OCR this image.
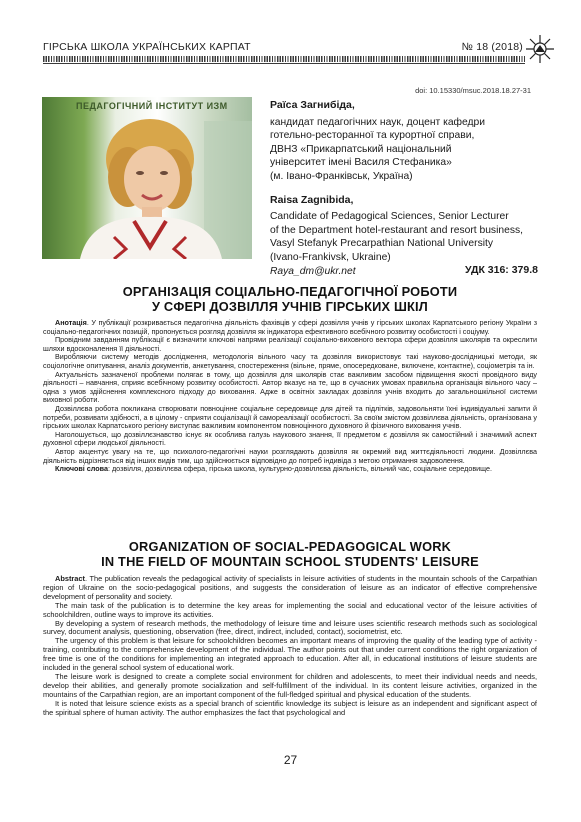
ГІРСЬКА ШКОЛА УКРАЇНСЬКИХ КАРПАТ	№ 18 (2018)
doi: 10.15330/msuc.2018.18.27-31
ПЕДАГОГІЧНИЙ ІНСТИТУТ ИЗМ	Раїса Загнибіда,
кандидат педагогічних наук, доцент кафедри
готельно-ресторанної та курортної справи,
ДВНЗ «Прикарпатський національний
університет імені Василя Стефаника»
(м. Івано-Франківськ, Україна)
Raisa Zagnibida,
Candidate of Pedagogical Sciences, Senior Lecturer
of the Department hotel-restaurant and resort business,
Vasyl Stefanyk Precarpathian National University
(Ivano-Frankivsk, Ukraine)
Raya_dm@ukr.net	УДК 316: 379.8
ОРГАНІЗАЦІЯ СОЦІАЛЬНО-ПЕДАГОГІЧНОЇ РОБОТИ
У СФЕРІ ДОЗВІЛЛЯ УЧНІВ ГІРСЬКИХ ШКІЛ

Анотація. У публікації розкривається педагогічна діяльність фахівців у сфері дозвілля учнів у гірських школах Карпатського регіону України з соціально-педагогічних позицій, пропонується розгляд дозвілля як індикатора ефективного всебічного розвитку особистості і соціуму.

Провідним завданням публікації є визначити ключові напрями реалізації соціально-виховного вектора сфери дозвілля школярів та окреслити шляхи вдосконалення її діяльності.

Виробляючи систему методів дослідження, методологія вільного часу та дозвілля використовує такі науково-дослідницькі методи, як соціологічне опитування, аналіз документів, анкетування, спостереження (вільне, пряме, опосередковане, включене, контактне), соціометрія та ін.

Актуальність зазначеної проблеми полягає в тому, що дозвілля для школярів стає важливим засобом підвищення якості провідного виду діяльності – навчання, сприяє всебічному розвитку особистості. Автор вказує на те, що в сучасних умовах правильна організація вільного часу – одна з умов здійснення комплексного підходу до виховання. Адже в освітніх закладах дозвілля учнів входить до загальношкільної системи виховної роботи.

Дозвіллєва робота покликана створювати повноцінне соціальне середовище для дітей та підлітків, задовольняти їхні індивідуальні запити й потреби, розвивати здібності, а в цілому - сприяти соціалізації й самореалізації особистості. За своїм змістом дозвіллєва діяльність, організована у гірських школах Карпатського регіону виступає важливим компонентом повноцінного духовного й фізичного виховання учнів.

Наголошується, що дозвіллєзнавство існує як особлива галузь наукового знання, її предметом є дозвілля як самостійний і значимий аспект духовної сфери людської діяльності.

Автор акцентує увагу на те, що психолого-педагогічні науки розглядають дозвілля як окремий вид життєдіяльності людини. Дозвіллєва діяльність відрізняється від інших видів тим, що здійснюється відповідно до потреб індивіда з метою отримання задоволення.

Ключові слова: дозвілля, дозвіллєва сфера, гірська школа, культурно-дозвіллєва діяльність, вільний час, соціальне середовище.

ORGANIZATION OF SOCIAL-PEDAGOGICAL WORK
IN THE FIELD OF MOUNTAIN SCHOOL STUDENTS' LEISURE

Abstract. The publication reveals the pedagogical activity of specialists in leisure activities of students in the mountain schools of the Carpathian region of Ukraine on the socio-pedagogical positions, and suggests the consideration of leisure as an indicator of effective comprehensive development of personality and society.

The main task of the publication is to determine the key areas for implementing the social and educational vector of the leisure activities of schoolchildren, outline ways to improve its activities.

By developing a system of research methods, the methodology of leisure time and leisure uses scientific research methods such as sociological survey, document analysis, questioning, observation (free, direct, indirect, included, contact), sociometrist, etc.

The urgency of this problem is that leisure for schoolchildren becomes an important means of improving the quality of the leading type of activity - training, contributing to the comprehensive development of the individual. The author points out that under current conditions the right organization of free time is one of the conditions for implementing an integrated approach to education. After all, in educational institutions of leisure students are included in the general school system of educational work.

The leisure work is designed to create a complete social environment for children and adolescents, to meet their individual needs and needs, develop their abilities, and generally promote socialization and self-fulfillment of the individual. In its content leisure activities, organized in the mountains of the Carpathian region, are an important component of the full-fledged spiritual and physical education of the students.

It is noted that leisure science exists as a special branch of scientific knowledge its subject is leisure as an independent and significant aspect of the spiritual sphere of human activity. The author emphasizes the fact that psychological and

27
